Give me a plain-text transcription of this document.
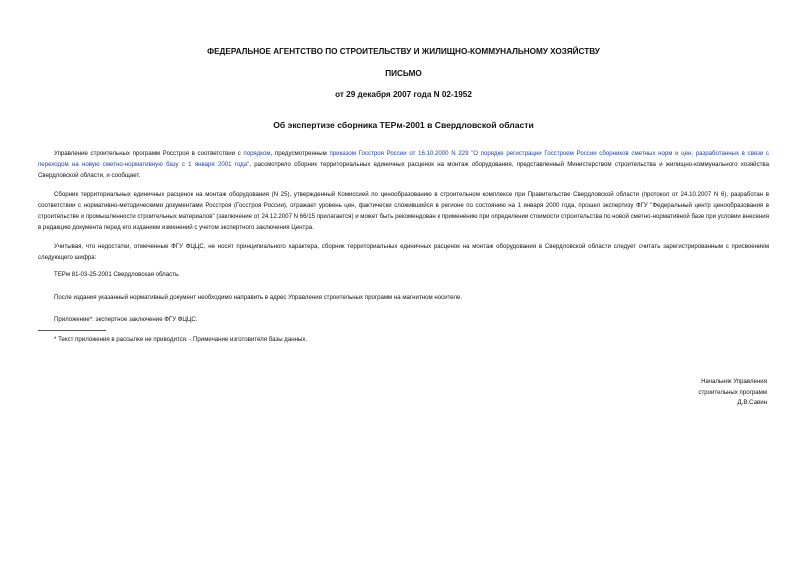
ФЕДЕРАЛЬНОЕ АГЕНТСТВО ПО СТРОИТЕЛЬСТВУ И ЖИЛИЩНО-КОММУНАЛЬНОМУ ХОЗЯЙСТВУ
ПИСЬМО
от 29 декабря 2007 года N 02-1952
Об экспертизе сборника ТЕРм-2001 в Свердловской области
Управление строительных программ Росстроя в соответствии с порядком, предусмотренным приказом Госстроя России от 16.10.2000 N 229 "О порядке регистрации Госстроем России сборников сметных норм и цен, разработанных в связи с переходом на новую сметно-нормативную базу с 1 января 2001 года", рассмотрело сборник территориальных единичных расценок на монтаж оборудования, представленный Министерством строительства и жилищно-коммунального хозяйства Свердловской области, и сообщает.
Сборник территориальных единичных расценок на монтаж оборудования (N 25), утвержденный Комиссией по ценообразованию в строительном комплексе при Правительстве Свердловской области (протокол от 24.10.2007 N 6), разработан в соответствии с нормативно-методическими документами Росстроя (Госстроя России), отражает уровень цен, фактически сложившийся в регионе по состоянию на 1 января 2000 года, прошел экспертизу ФГУ "Федеральный центр ценообразования в строительстве и промышленности строительных материалов" (заключение от 24.12.2007 N 66/15 прилагается) и может быть рекомендован к применению при определении стоимости строительства по новой сметно-нормативной базе при условии внесения в редакцию документа перед его изданием изменений с учетом экспертного заключения Центра.
Учитывая, что недостатки, отмеченные ФГУ ФЦЦС, не носят принципиального характера, сборник территориальных единичных расценок на монтаж оборудования в Свердловской области следует считать зарегистрированным с присвоением следующего шифра:
ТЕРм 81-03-25-2001 Свердловская область.
После издания указанный нормативный документ необходимо направить в адрес Управления строительных программ на магнитном носителе.
Приложение*: экспертное заключение ФГУ ФЦЦС.
* Текст приложения в рассылке не приводится. - Примечание изготовителя базы данных.
Начальник Управления
строительных программ
Д.В.Савин
